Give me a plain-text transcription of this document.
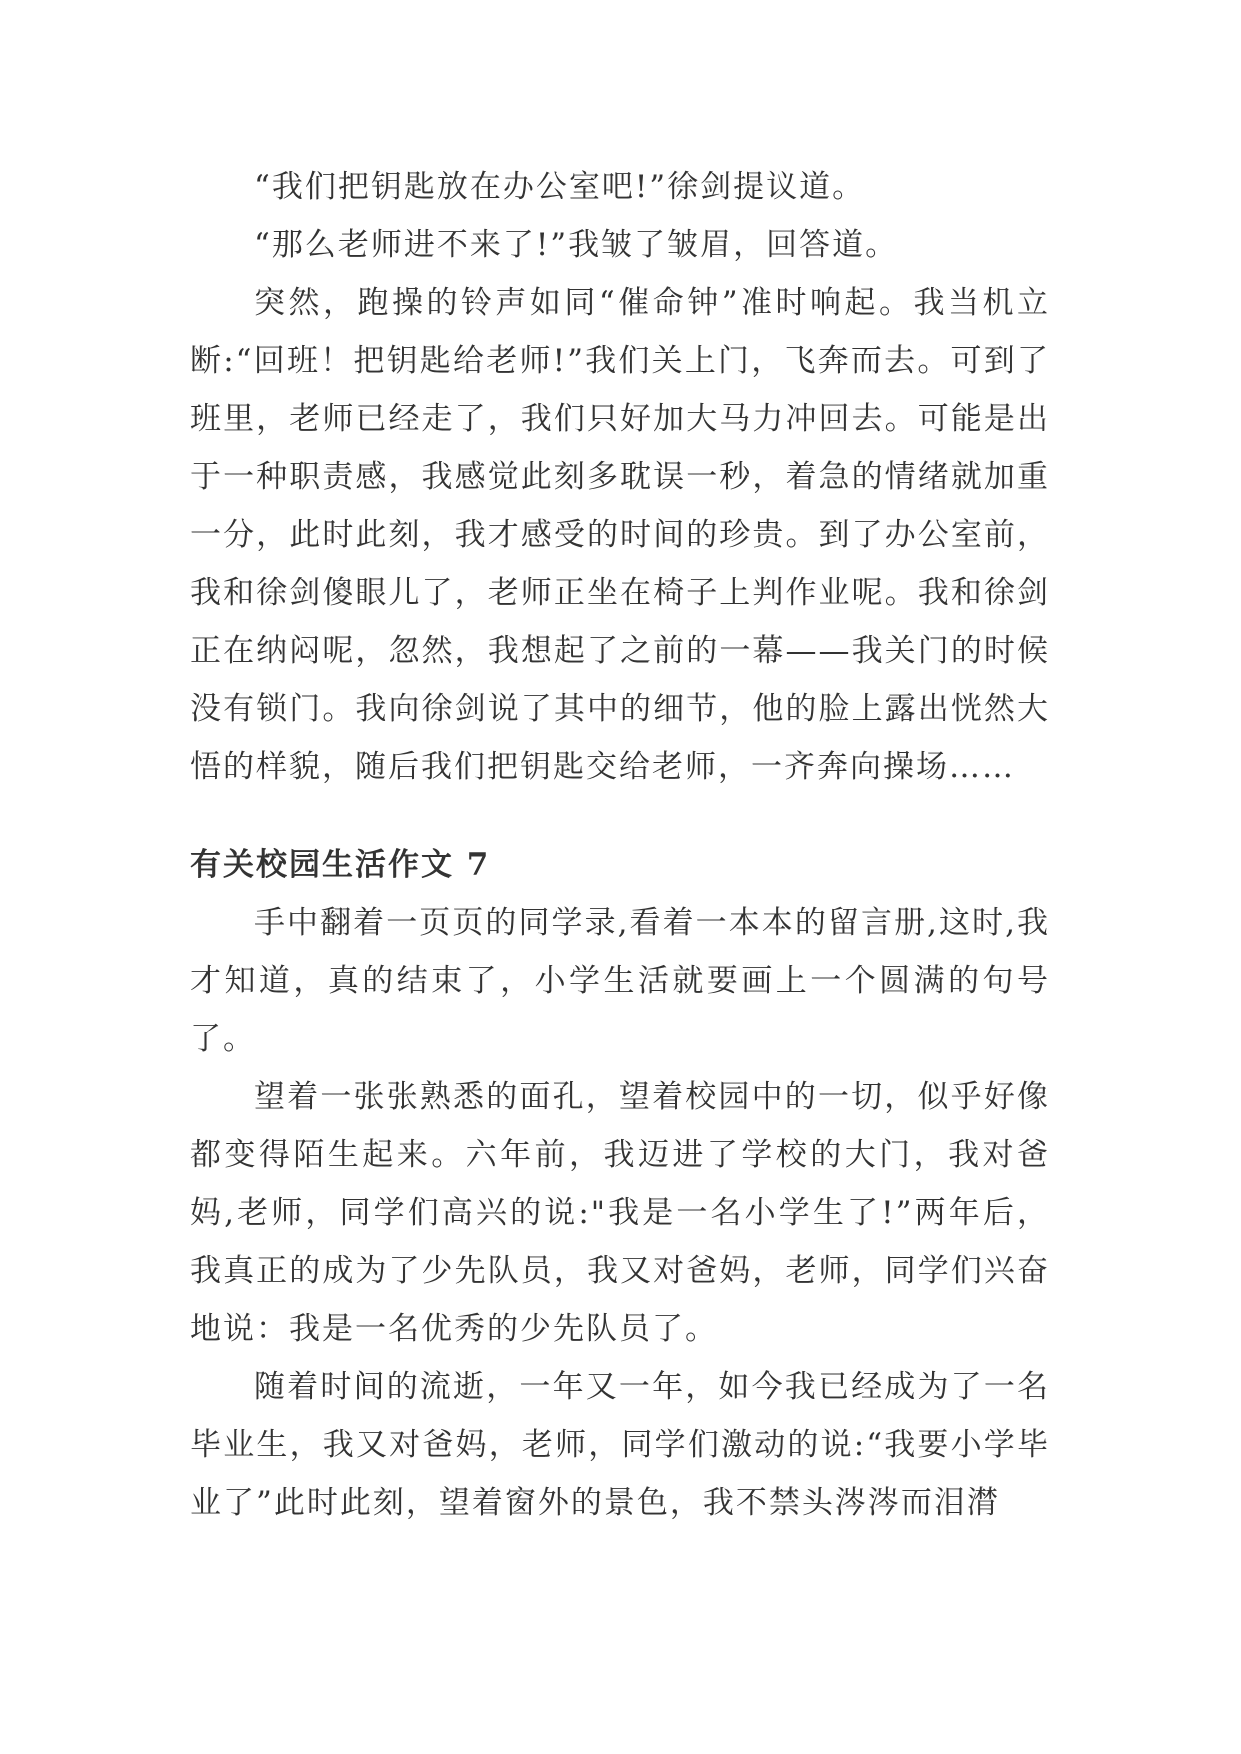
“我们把钥匙放在办公室吧!”徐剑提议道。

“那么老师进不来了!”我皱了皱眉，回答道。

突然，跑操的铃声如同“催命钟”准时响起。我当机立断:“回班！把钥匙给老师!”我们关上门，飞奔而去。可到了班里，老师已经走了，我们只好加大马力冲回去。可能是出于一种职责感，我感觉此刻多耽误一秒，着急的情绪就加重一分，此时此刻，我才感受的时间的珍贵。到了办公室前，我和徐剑傻眼儿了，老师正坐在椅子上判作业呢。我和徐剑正在纳闷呢，忽然，我想起了之前的一幕——我关门的时候没有锁门。我向徐剑说了其中的细节，他的脸上露出恍然大悟的样貌，随后我们把钥匙交给老师，一齐奔向操场……

有关校园生活作文 7

手中翻着一页页的同学录,看着一本本的留言册,这时,我才知道，真的结束了，小学生活就要画上一个圆满的句号了。

望着一张张熟悉的面孔，望着校园中的一切，似乎好像都变得陌生起来。六年前，我迈进了学校的大门，我对爸妈,老师，同学们高兴的说:"我是一名小学生了!”两年后，我真正的成为了少先队员，我又对爸妈，老师，同学们兴奋地说：我是一名优秀的少先队员了。

随着时间的流逝，一年又一年，如今我已经成为了一名毕业生，我又对爸妈，老师，同学们激动的说:“我要小学毕业了”此时此刻，望着窗外的景色，我不禁头涔涔而泪潸
